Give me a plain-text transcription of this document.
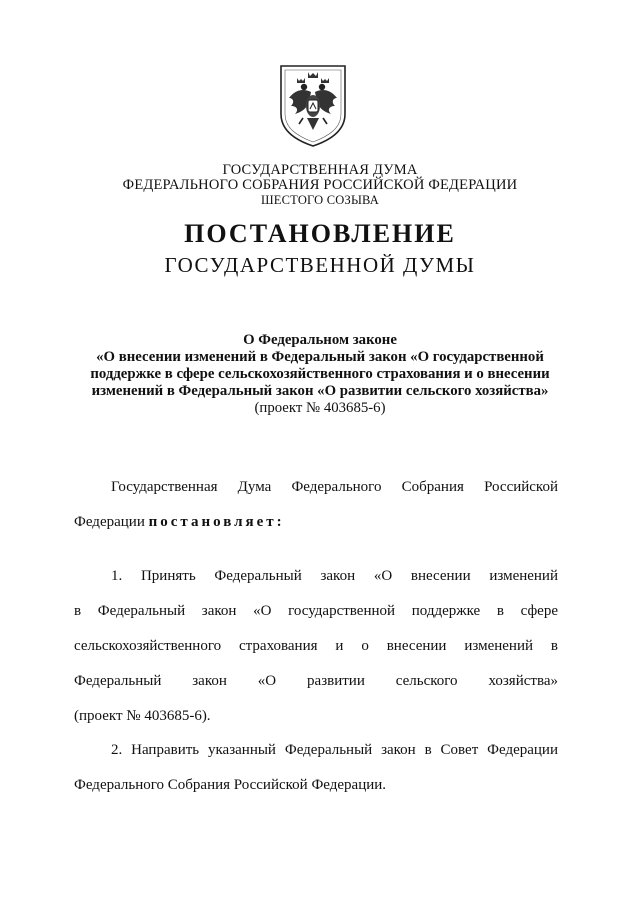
ГОСУДАРСТВЕННАЯ ДУМА
ФЕДЕРАЛЬНОГО СОБРАНИЯ РОССИЙСКОЙ ФЕДЕРАЦИИ
ШЕСТОГО СОЗЫВА
ПОСТАНОВЛЕНИЕ
ГОСУДАРСТВЕННОЙ ДУМЫ
О Федеральном законе
«О внесении изменений в Федеральный закон «О государственной
поддержке в сфере сельскохозяйственного страхования и о внесении
изменений в Федеральный закон «О развитии сельского хозяйства»
(проект № 403685-6)
Государственная Дума Федерального Собрания Российской
Федерации постановляет:
1. Принять Федеральный закон «О внесении изменений
в Федеральный закон «О государственной поддержке в сфере
сельскохозяйственного страхования и о внесении изменений в
Федеральный закон «О развитии сельского хозяйства»
(проект № 403685-6).
2. Направить указанный Федеральный закон в Совет Федерации
Федерального Собрания Российской Федерации.
